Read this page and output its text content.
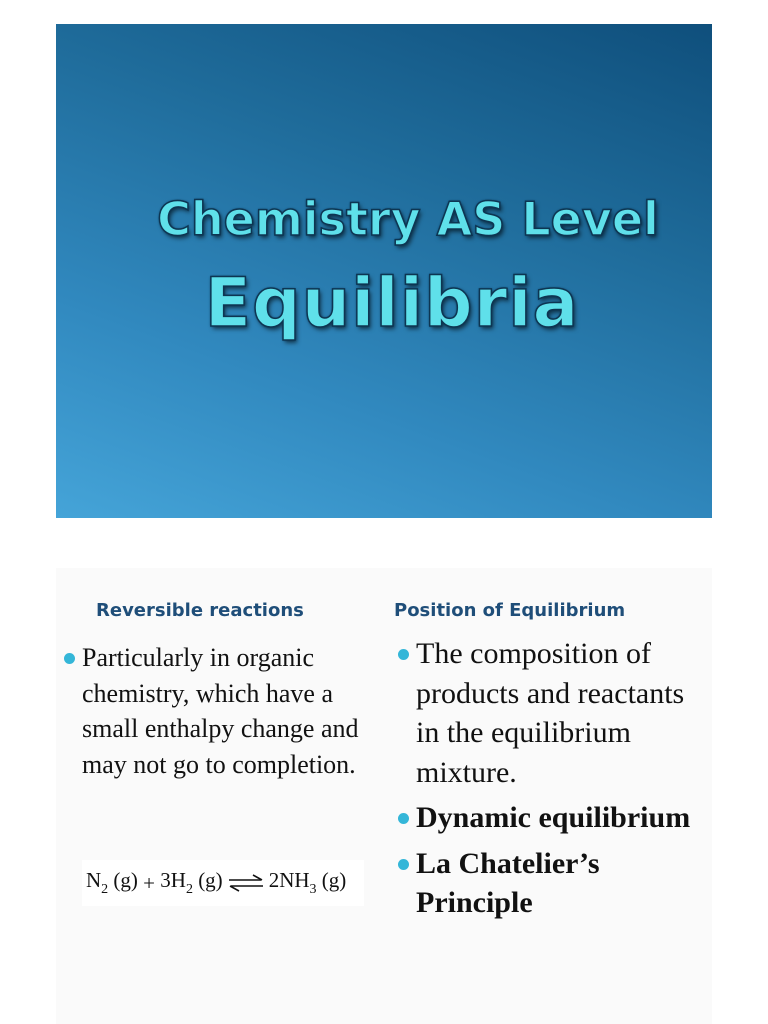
Chemistry AS Level
Equilibria
Reversible reactions	Position of Equilibrium
Particularly in organic chemistry, which have a small enthalpy change and may not go to completion.
$N_2$ (g)
+
$3H_2$ (g) ⇌ $2NH_3$ (g)
The composition of products and reactants in the equilibrium mixture.
Dynamic equilibrium
La Chatelier’s Principle
